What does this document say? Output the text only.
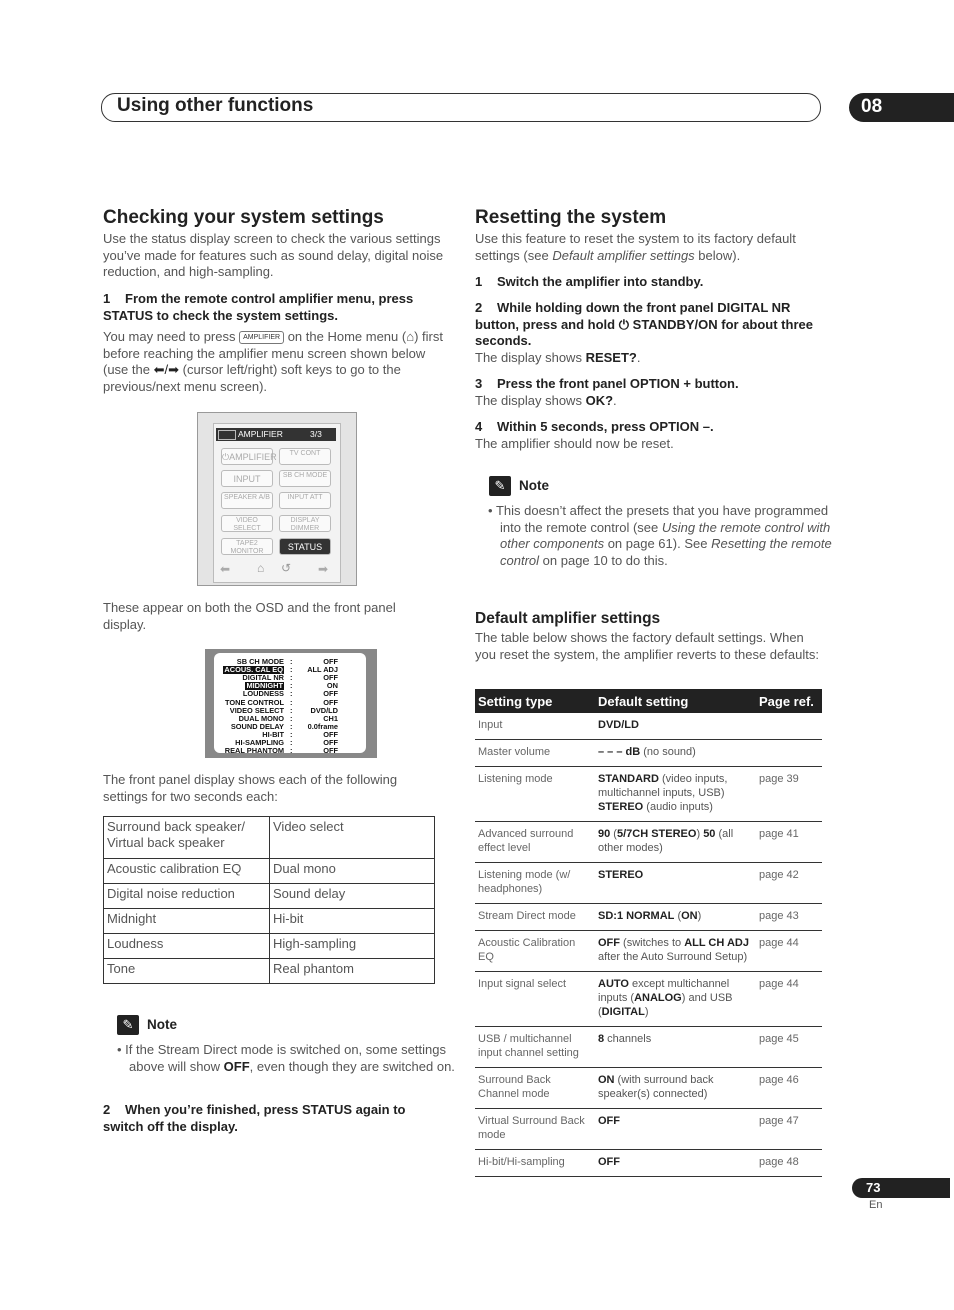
Using other functions	08
Checking your system settings
Use the status display screen to check the various settings you’ve made for features such as sound delay, digital noise reduction, and high-sampling.
1 From the remote control amplifier menu, press STATUS to check the system settings.
You may need to press AMPLIFIER on the Home menu (⌂) first before reaching the amplifier menu screen shown below (use the ⬅/➡ (cursor left/right) soft keys to go to the previous/next menu screen).
AMPLIFIER	3/3
⏻AMPLIFIER	TV CONT
INPUT	SB CH MODE
SPEAKER A/B	INPUT ATT
VIDEO SELECT
DISPLAY DIMMER
TAPE2 MONITOR	STATUS
⬅ ⌂ ↺ ➡
These appear on both the OSD and the front panel display.
SB CH MODE :	OFF
ACOUS. CAL EQ :	ALL ADJ
DIGITAL NR :	OFF
MIDNIGHT :	ON
LOUDNESS :	OFF
TONE CONTROL :	OFF
VIDEO SELECT :	DVD/LD
DUAL MONO :	CH1
SOUND DELAY :	0.0frame
HI-BIT :	OFF
HI-SAMPLING :	OFF
REAL PHANTOM :	OFF
The front panel display shows each of the following settings for two seconds each:
Surround back speaker/ Virtual back speaker	Video select
Acoustic calibration EQ	Dual mono
Digital noise reduction	Sound delay
Midnight	Hi-bit
Loudness	High-sampling
Tone	Real phantom
✎ Note
• If the Stream Direct mode is switched on, some settings above will show OFF, even though they are switched on.
2 When you’re finished, press STATUS again to switch off the display.
Resetting the system
Use this feature to reset the system to its factory default settings (see Default amplifier settings below).
1 Switch the amplifier into standby.
2 While holding down the front panel DIGITAL NR button, press and hold ⏻ STANDBY/ON for about three seconds.
The display shows RESET?.
3 Press the front panel OPTION + button.
The display shows OK?.
4 Within 5 seconds, press OPTION –.
The amplifier should now be reset.
✎ Note
• This doesn’t affect the presets that you have programmed into the remote control (see Using the remote control with other components on page 61). See Resetting the remote control on page 10 to do this.
Default amplifier settings
The table below shows the factory default settings. When you reset the system, the amplifier reverts to these defaults:
Setting type	Default setting	Page ref.
Input	DVD/LD	
Master volume	– – – dB (no sound)	
Listening mode	STANDARD (video inputs, multichannel inputs, USB) STEREO (audio inputs)	page 39
Advanced surround effect level	90 (5/7CH STEREO) 50 (all other modes)	page 41
Listening mode (w/ headphones)	STEREO	page 42
Stream Direct mode	SD:1 NORMAL (ON)	page 43
Acoustic Calibration EQ	OFF (switches to ALL CH ADJ after the Auto Surround Setup)	page 44
Input signal select	AUTO except multichannel inputs (ANALOG) and USB (DIGITAL)	page 44
USB / multichannel input channel setting	8 channels	page 45
Surround Back Channel mode	ON (with surround back speaker(s) connected)	page 46
Virtual Surround Back mode	OFF	page 47
Hi-bit/Hi-sampling	OFF	page 48
73
En
